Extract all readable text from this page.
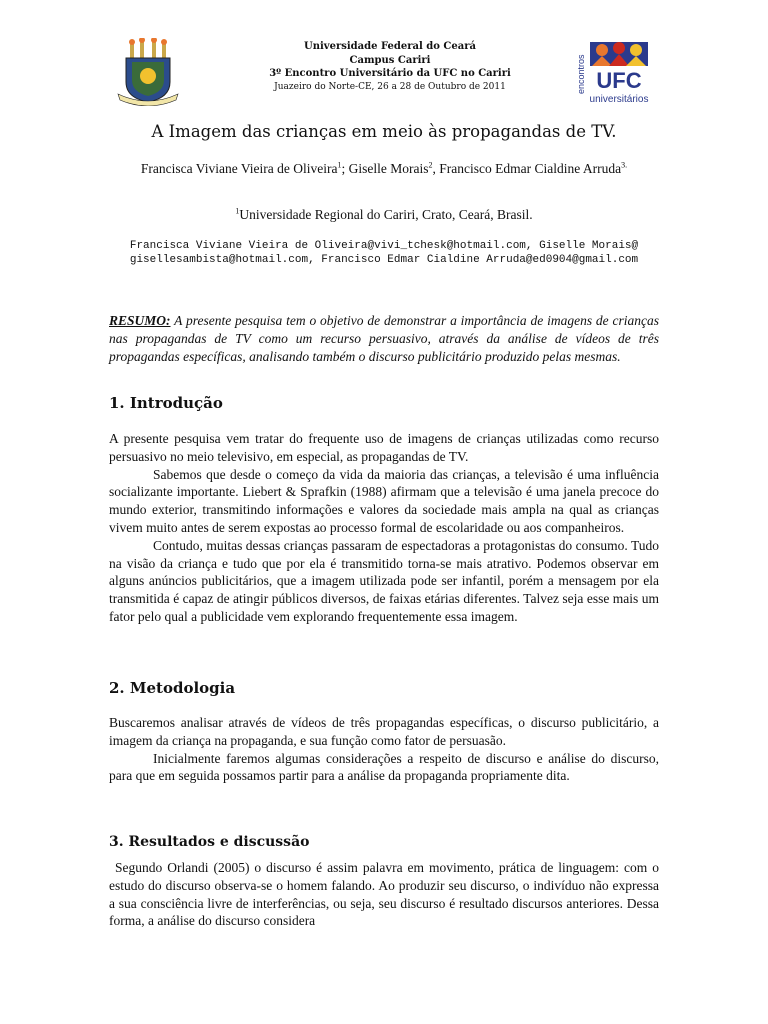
Universidade Federal do Ceará
Campus Cariri
3º Encontro Universitário da UFC no Cariri
Juazeiro do Norte-CE, 26 a 28 de Outubro de 2011	encontros UFC
universitários
A Imagem das crianças em meio às propagandas de TV.
Francisca Viviane Vieira de Oliveira$^1$; Giselle Morais$^2$, Francisco Edmar Cialdine Arruda$^{3.}$
$^1$Universidade Regional do Cariri, Crato, Ceará, Brasil.
Francisca Viviane Vieira de Oliveira@vivi_tchesk@hotmail.com, Giselle Morais@ gisellesambista@hotmail.com, Francisco Edmar Cialdine Arruda@ed0904@gmail.com
RESUMO: A presente pesquisa tem o objetivo de demonstrar a importância de imagens de crianças nas propagandas de TV como um recurso persuasivo, através da análise de vídeos de três propagandas específicas, analisando também o discurso publicitário produzido pelas mesmas.
1. Introdução

A presente pesquisa vem tratar do frequente uso de imagens de crianças utilizadas como recurso persuasivo no meio televisivo, em especial, as propagandas de TV.

Sabemos que desde o começo da vida da maioria das crianças, a televisão é uma influência socializante importante. Liebert & Sprafkin (1988) afirmam que a televisão é uma janela precoce do mundo exterior, transmitindo informações e valores da sociedade mais ampla na qual as crianças vivem muito antes de serem expostas ao processo formal de escolaridade ou aos companheiros.

Contudo, muitas dessas crianças passaram de espectadoras a protagonistas do consumo. Tudo na visão da criança e tudo que por ela é transmitido torna-se mais atrativo. Podemos observar em alguns anúncios publicitários, que a imagem utilizada pode ser infantil, porém a mensagem por ela transmitida é capaz de atingir públicos diversos, de faixas etárias diferentes. Talvez seja esse mais um fator pelo qual a publicidade vem explorando frequentemente essa imagem.

2. Metodologia

Buscaremos analisar através de vídeos de três propagandas específicas, o discurso publicitário, a imagem da criança na propaganda, e sua função como fator de persuasão.

Inicialmente faremos algumas considerações a respeito de discurso e análise do discurso, para que em seguida possamos partir para a análise da propaganda propriamente dita.

3. Resultados e discussão

Segundo Orlandi (2005) o discurso é assim palavra em movimento, prática de linguagem: com o estudo do discurso observa-se o homem falando. Ao produzir seu discurso, o indivíduo não expressa a sua consciência livre de interferências, ou seja, seu discurso é resultado discursos anteriores. Dessa forma, a análise do discurso considera
